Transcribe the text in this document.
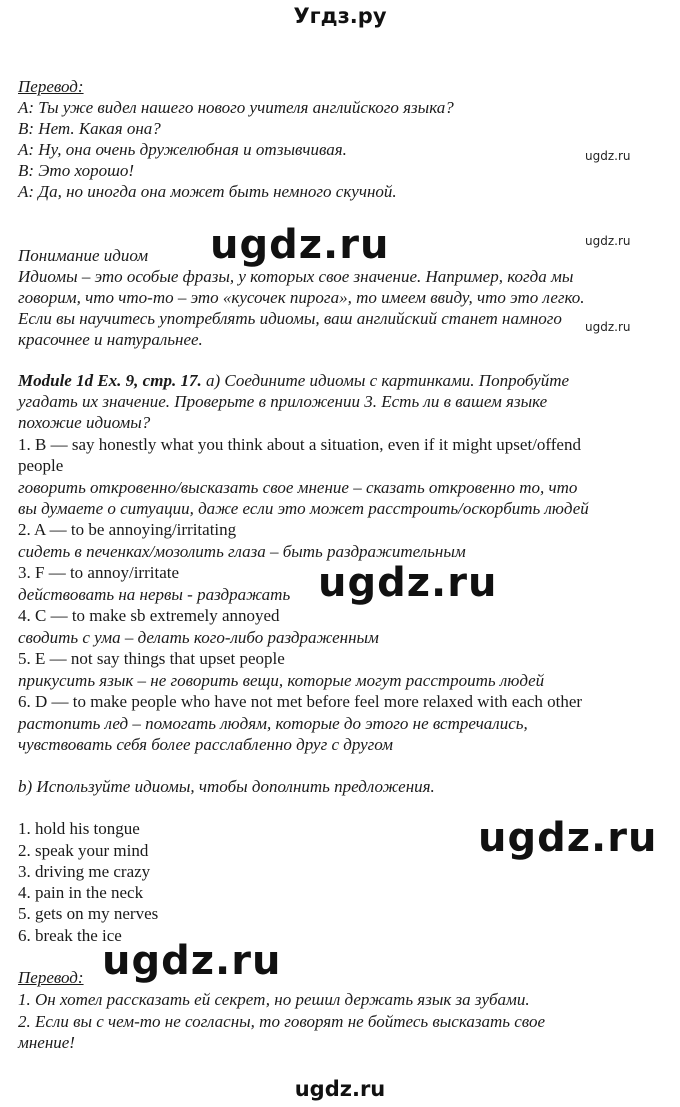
Угдз.ру
Перевод:
A: Ты уже видел нашего нового учителя английского языка?
B: Нет. Какая она?
A: Ну, она очень дружелюбная и отзывчивая.
B: Это хорошо!
A: Да, но иногда она может быть немного скучной.
ugdz.ru
Понимание идиом ugdz.ru	ugdz.ru
Идиомы – это особые фразы, у которых свое значение. Например, когда мы
говорим, что что-то – это «кусочек пирога», то имеем ввиду, что это легко.
Если вы научитесь употреблять идиомы, ваш английский станет намного
красочнее и натуральнее.
ugdz.ru
Module 1d Ex. 9, стр. 17. а) Соедините идиомы с картинками. Попробуйте
угадать их значение. Проверьте в приложении 3. Есть ли в вашем языке
похожие идиомы?
1. B — say honestly what you think about a situation, even if it might upset/offend
people
говорить откровенно/высказать свое мнение – сказать откровенно то, что
вы думаете о ситуации, даже если это может расстроить/оскорбить людей
2. A — to be annoying/irritating
сидеть в печенках/мозолить глаза – быть раздражительным
3. F — to annoy/irritate
действовать на нервы - раздражать ugdz.ru
4. C — to make sb extremely annoyed
сводить с ума – делать кого-либо раздраженным
5. E — not say things that upset people
прикусить язык – не говорить вещи, которые могут расстроить людей
6. D — to make people who have not met before feel more relaxed with each other
растопить лед – помогать людям, которые до этого не встречались,
чувствовать себя более расслабленно друг с другом
b) Используйте идиомы, чтобы дополнить предложения.
1. hold his tongue
2. speak your mind
3. driving me crazy
4. pain in the neck
5. gets on my nerves
6. break the ice
ugdz.ru
ugdz.ru
Перевод:
1. Он хотел рассказать ей секрет, но решил держать язык за зубами.
2. Если вы с чем-то не согласны, то говорят не бойтесь высказать свое
мнение!
ugdz.ru
